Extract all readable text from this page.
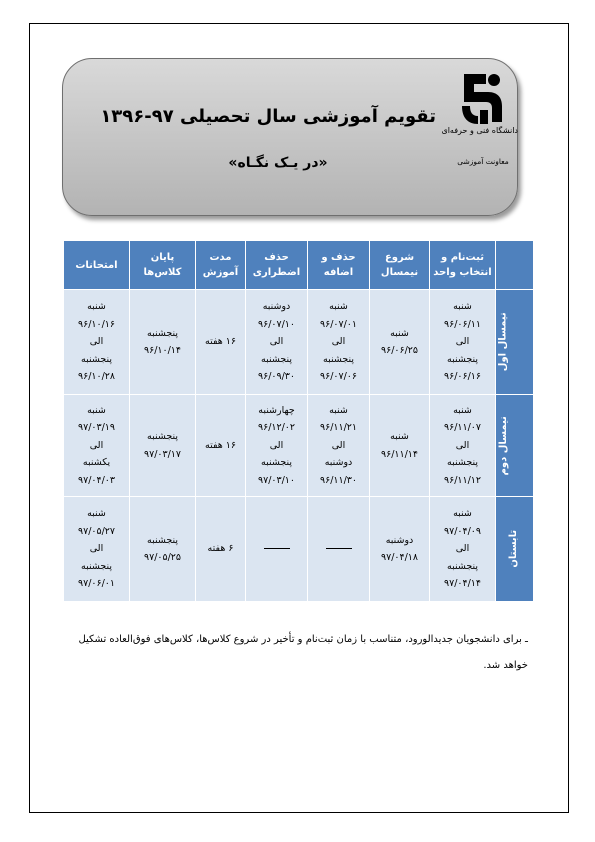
تقویم آموزشی سال تحصیلی ۹۷-۱۳۹۶
«در یـک نگـاه»
دانشگاه فنی و حرفه‌ای
معاونت آموزشی
	ثبت‌نام و انتخاب واحد	شروع نیمسال	حذف و اضافه	حذف اضطراری	مدت آموزش	پایان کلاس‌ها	امتحانات
نیمسال اول	شنبه
۹۶/۰۶/۱۱
الی
پنجشنبه
۹۶/۰۶/۱۶	شنبه
۹۶/۰۶/۲۵	شنبه
۹۶/۰۷/۰۱
الی
پنجشنبه
۹۶/۰۷/۰۶	دوشنبه
۹۶/۰۷/۱۰
الی
پنجشنبه
۹۶/۰۹/۳۰	۱۶ هفته	پنجشنبه
۹۶/۱۰/۱۴	شنبه
۹۶/۱۰/۱۶
الی
پنجشنبه
۹۶/۱۰/۲۸

نیمسال دوم	شنبه
۹۶/۱۱/۰۷
الی
پنجشنبه
۹۶/۱۱/۱۲	شنبه
۹۶/۱۱/۱۴	شنبه
۹۶/۱۱/۲۱
الی
دوشنبه
۹۶/۱۱/۳۰	چهارشنبه
۹۶/۱۲/۰۲
الی
پنجشنبه
۹۷/۰۳/۱۰	۱۶ هفته	پنجشنبه
۹۷/۰۳/۱۷	شنبه
۹۷/۰۳/۱۹
الی
یکشنبه
۹۷/۰۴/۰۳

تابستان	شنبه
۹۷/۰۴/۰۹
الی
پنجشنبه
۹۷/۰۴/۱۴	دوشنبه
۹۷/۰۴/۱۸			۶ هفته	پنجشنبه
۹۷/۰۵/۲۵	شنبه
۹۷/۰۵/۲۷
الی
پنجشنبه
۹۷/۰۶/۰۱
ـ برای دانشجویان جدیدالورود، متناسب با زمان ثبت‌نام و تأخیر در شروع کلاس‌ها، کلاس‌های فوق‌العاده تشکیل خواهد شد.
